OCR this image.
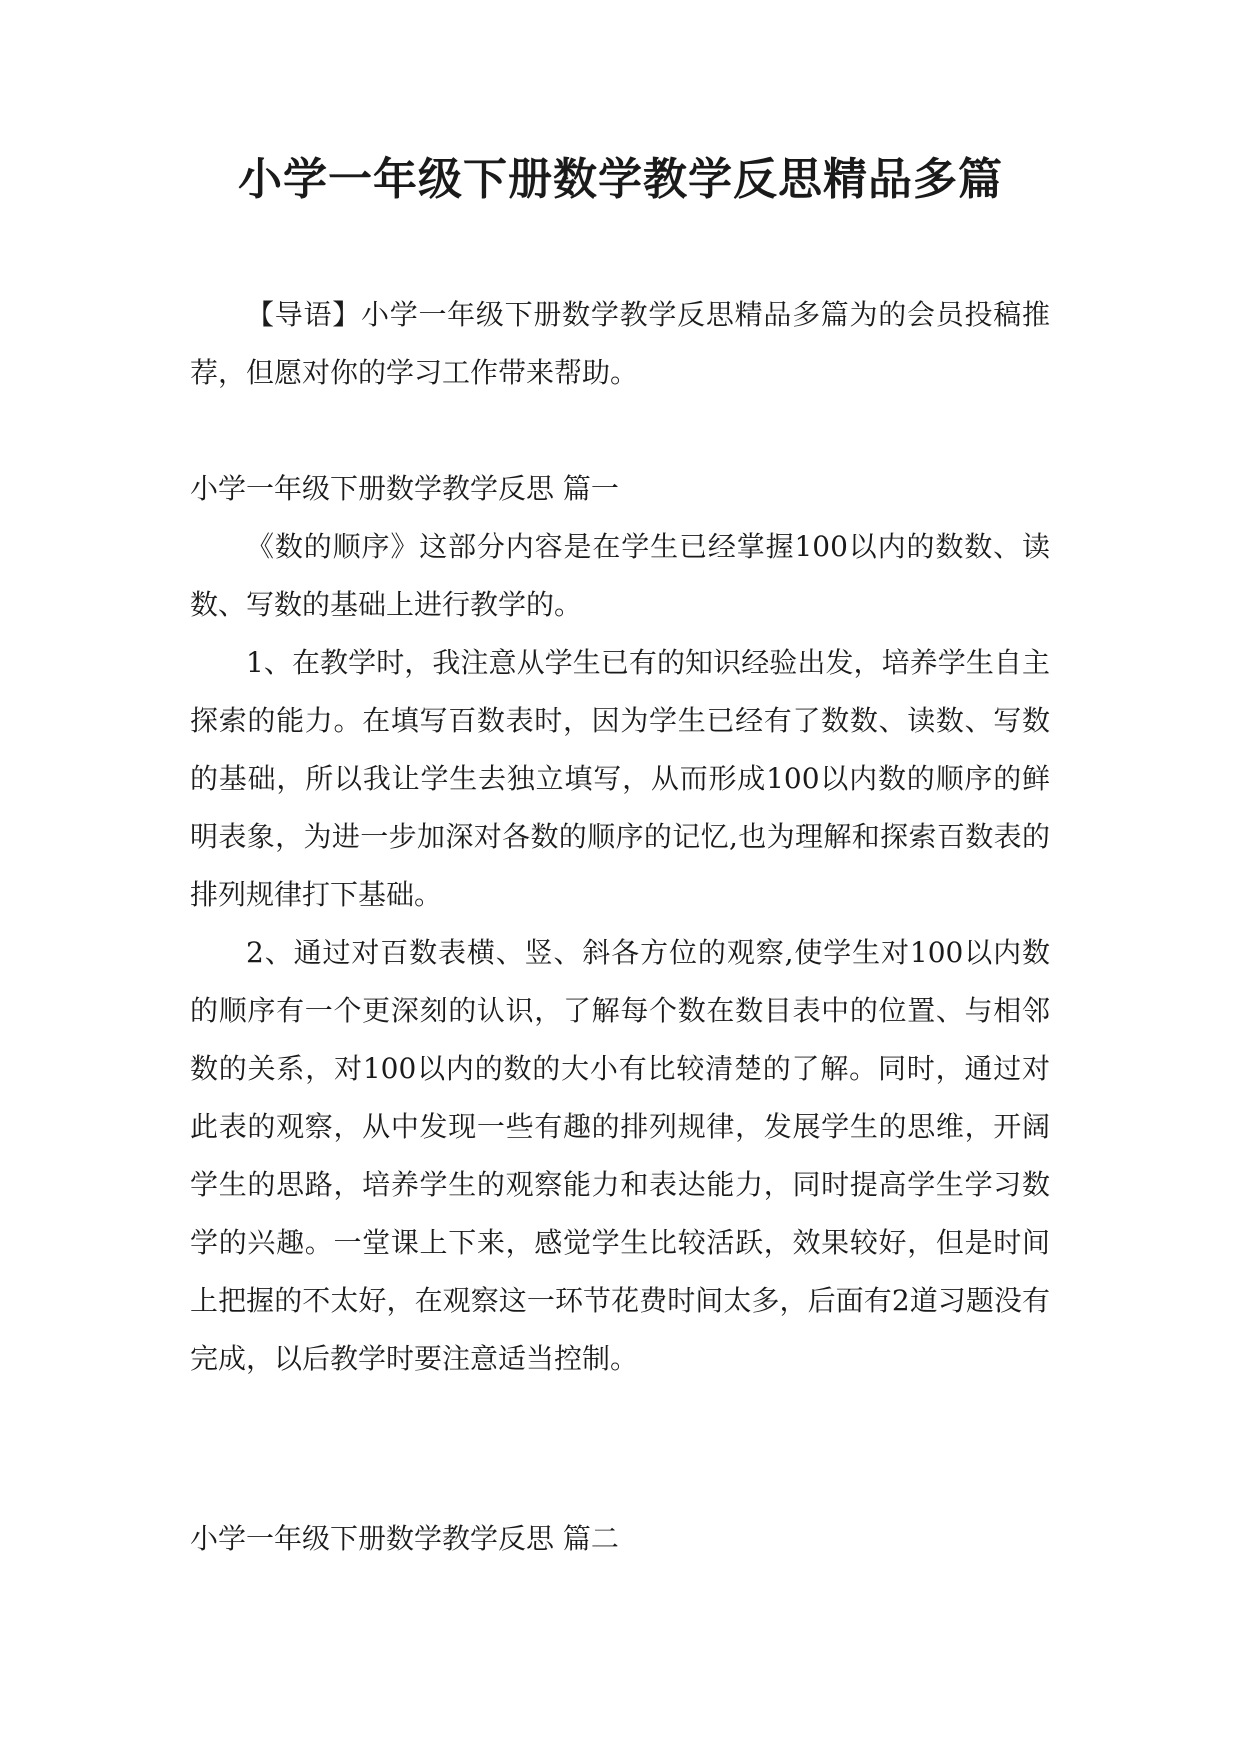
小学一年级下册数学教学反思精品多篇

【导语】小学一年级下册数学教学反思精品多篇为的会员投稿推荐，但愿对你的学习工作带来帮助。

小学一年级下册数学教学反思 篇一

《数的顺序》这部分内容是在学生已经掌握100以内的数数、读数、写数的基础上进行教学的。

1、在教学时，我注意从学生已有的知识经验出发，培养学生自主探索的能力。在填写百数表时，因为学生已经有了数数、读数、写数的基础，所以我让学生去独立填写，从而形成100以内数的顺序的鲜明表象，为进一步加深对各数的顺序的记忆,也为理解和探索百数表的排列规律打下基础。

2、通过对百数表横、竖、斜各方位的观察,使学生对100以内数的顺序有一个更深刻的认识，了解每个数在数目表中的位置、与相邻数的关系，对100以内的数的大小有比较清楚的了解。同时，通过对此表的观察，从中发现一些有趣的排列规律，发展学生的思维，开阔学生的思路，培养学生的观察能力和表达能力，同时提高学生学习数学的兴趣。一堂课上下来，感觉学生比较活跃，效果较好，但是时间上把握的不太好，在观察这一环节花费时间太多，后面有2道习题没有完成，以后教学时要注意适当控制。

小学一年级下册数学教学反思 篇二
